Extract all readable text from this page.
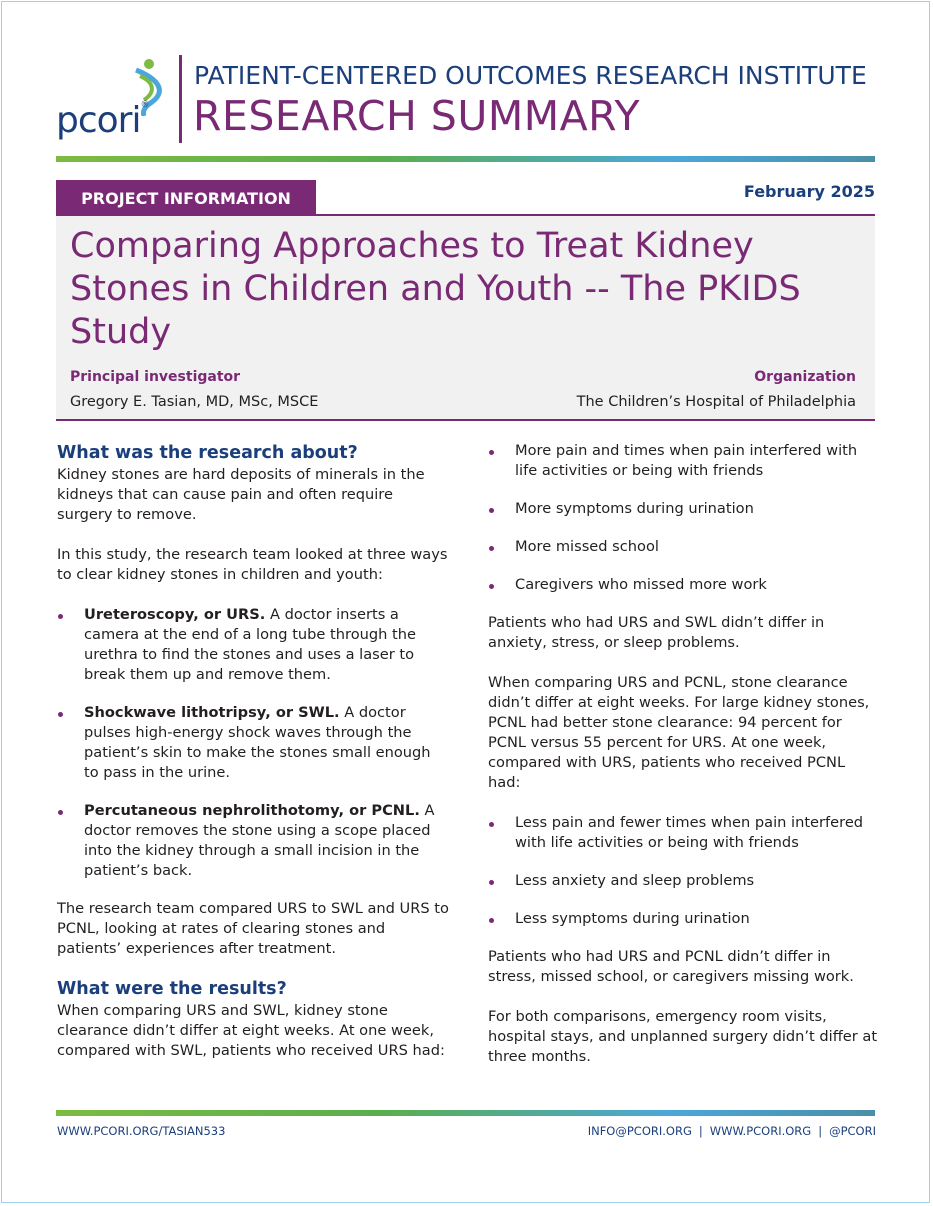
pcori®
PATIENT-CENTERED OUTCOMES RESEARCH INSTITUTE
RESEARCH SUMMARY
PROJECT INFORMATION	February 2025
Comparing Approaches to Treat Kidney Stones in Children and Youth -- The PKIDS Study
Principal investigator
Gregory E. Tasian, MD, MSc, MSCE
Organization
The Children’s Hospital of Philadelphia
What was the research about?

Kidney stones are hard deposits of minerals in the kidneys that can cause pain and often require surgery to remove.

In this study, the research team looked at three ways to clear kidney stones in children and youth:

Ureteroscopy, or URS. A doctor inserts a camera at the end of a long tube through the urethra to find the stones and uses a laser to break them up and remove them.
Shockwave lithotripsy, or SWL. A doctor pulses high-energy shock waves through the patient’s skin to make the stones small enough to pass in the urine.
Percutaneous nephrolithotomy, or PCNL. A doctor removes the stone using a scope placed into the kidney through a small incision in the patient’s back.

The research team compared URS to SWL and URS to PCNL, looking at rates of clearing stones and patients’ experiences after treatment.

What were the results?

When comparing URS and SWL, kidney stone clearance didn’t differ at eight weeks. At one week, compared with SWL, patients who received URS had:

More pain and times when pain interfered with life activities or being with friends
More symptoms during urination
More missed school
Caregivers who missed more work

Patients who had URS and SWL didn’t differ in anxiety, stress, or sleep problems.

When comparing URS and PCNL, stone clearance didn’t differ at eight weeks. For large kidney stones, PCNL had better stone clearance: 94 percent for PCNL versus 55 percent for URS. At one week, compared with URS, patients who received PCNL had:

Less pain and fewer times when pain interfered with life activities or being with friends
Less anxiety and sleep problems
Less symptoms during urination

Patients who had URS and PCNL didn’t differ in stress, missed school, or caregivers missing work.

For both comparisons, emergency room visits, hospital stays, and unplanned surgery didn’t differ at three months.

WWW.PCORI.ORG/TASIAN533	INFO@PCORI.ORG | WWW.PCORI.ORG | @PCORI
